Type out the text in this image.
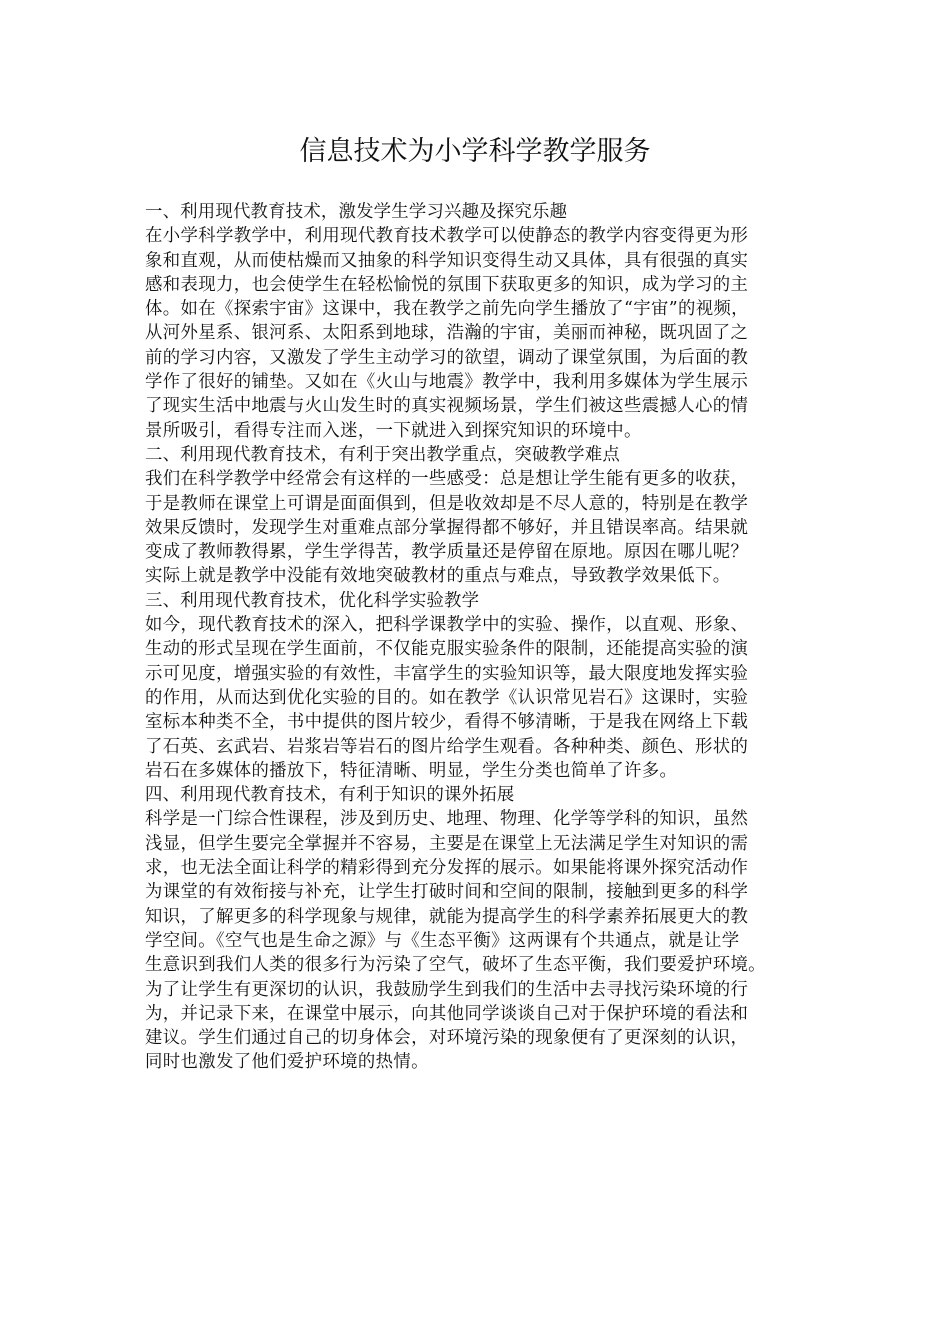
信息技术为小学科学教学服务
一、利用现代教育技术，激发学生学习兴趣及探究乐趣
在小学科学教学中，利用现代教育技术教学可以使静态的教学内容变得更为形
象和直观，从而使枯燥而又抽象的科学知识变得生动又具体，具有很强的真实
感和表现力，也会使学生在轻松愉悦的氛围下获取更多的知识，成为学习的主
体。如在《探索宇宙》这课中，我在教学之前先向学生播放了“宇宙”的视频，
从河外星系、银河系、太阳系到地球，浩瀚的宇宙，美丽而神秘，既巩固了之
前的学习内容，又激发了学生主动学习的欲望，调动了课堂氛围，为后面的教
学作了很好的铺垫。又如在《火山与地震》教学中，我利用多媒体为学生展示
了现实生活中地震与火山发生时的真实视频场景，学生们被这些震撼人心的情
景所吸引，看得专注而入迷，一下就进入到探究知识的环境中。
二、利用现代教育技术，有利于突出教学重点，突破教学难点
我们在科学教学中经常会有这样的一些感受：总是想让学生能有更多的收获，
于是教师在课堂上可谓是面面俱到，但是收效却是不尽人意的，特别是在教学
效果反馈时，发现学生对重难点部分掌握得都不够好，并且错误率高。结果就
变成了教师教得累，学生学得苦，教学质量还是停留在原地。原因在哪儿呢？
实际上就是教学中没能有效地突破教材的重点与难点，导致教学效果低下。
三、利用现代教育技术，优化科学实验教学
如今，现代教育技术的深入，把科学课教学中的实验、操作，以直观、形象、
生动的形式呈现在学生面前，不仅能克服实验条件的限制，还能提高实验的演
示可见度，增强实验的有效性，丰富学生的实验知识等，最大限度地发挥实验
的作用，从而达到优化实验的目的。如在教学《认识常见岩石》这课时，实验
室标本种类不全，书中提供的图片较少，看得不够清晰，于是我在网络上下载
了石英、玄武岩、岩浆岩等岩石的图片给学生观看。各种种类、颜色、形状的
岩石在多媒体的播放下，特征清晰、明显，学生分类也简单了许多。
四、利用现代教育技术，有利于知识的课外拓展
科学是一门综合性课程，涉及到历史、地理、物理、化学等学科的知识，虽然
浅显，但学生要完全掌握并不容易，主要是在课堂上无法满足学生对知识的需
求，也无法全面让科学的精彩得到充分发挥的展示。如果能将课外探究活动作
为课堂的有效衔接与补充，让学生打破时间和空间的限制，接触到更多的科学
知识，了解更多的科学现象与规律，就能为提高学生的科学素养拓展更大的教
学空间。《空气也是生命之源》与《生态平衡》这两课有个共通点，就是让学
生意识到我们人类的很多行为污染了空气，破坏了生态平衡，我们要爱护环境。
为了让学生有更深切的认识，我鼓励学生到我们的生活中去寻找污染环境的行
为，并记录下来，在课堂中展示，向其他同学谈谈自己对于保护环境的看法和
建议。学生们通过自己的切身体会，对环境污染的现象便有了更深刻的认识，
同时也激发了他们爱护环境的热情。
